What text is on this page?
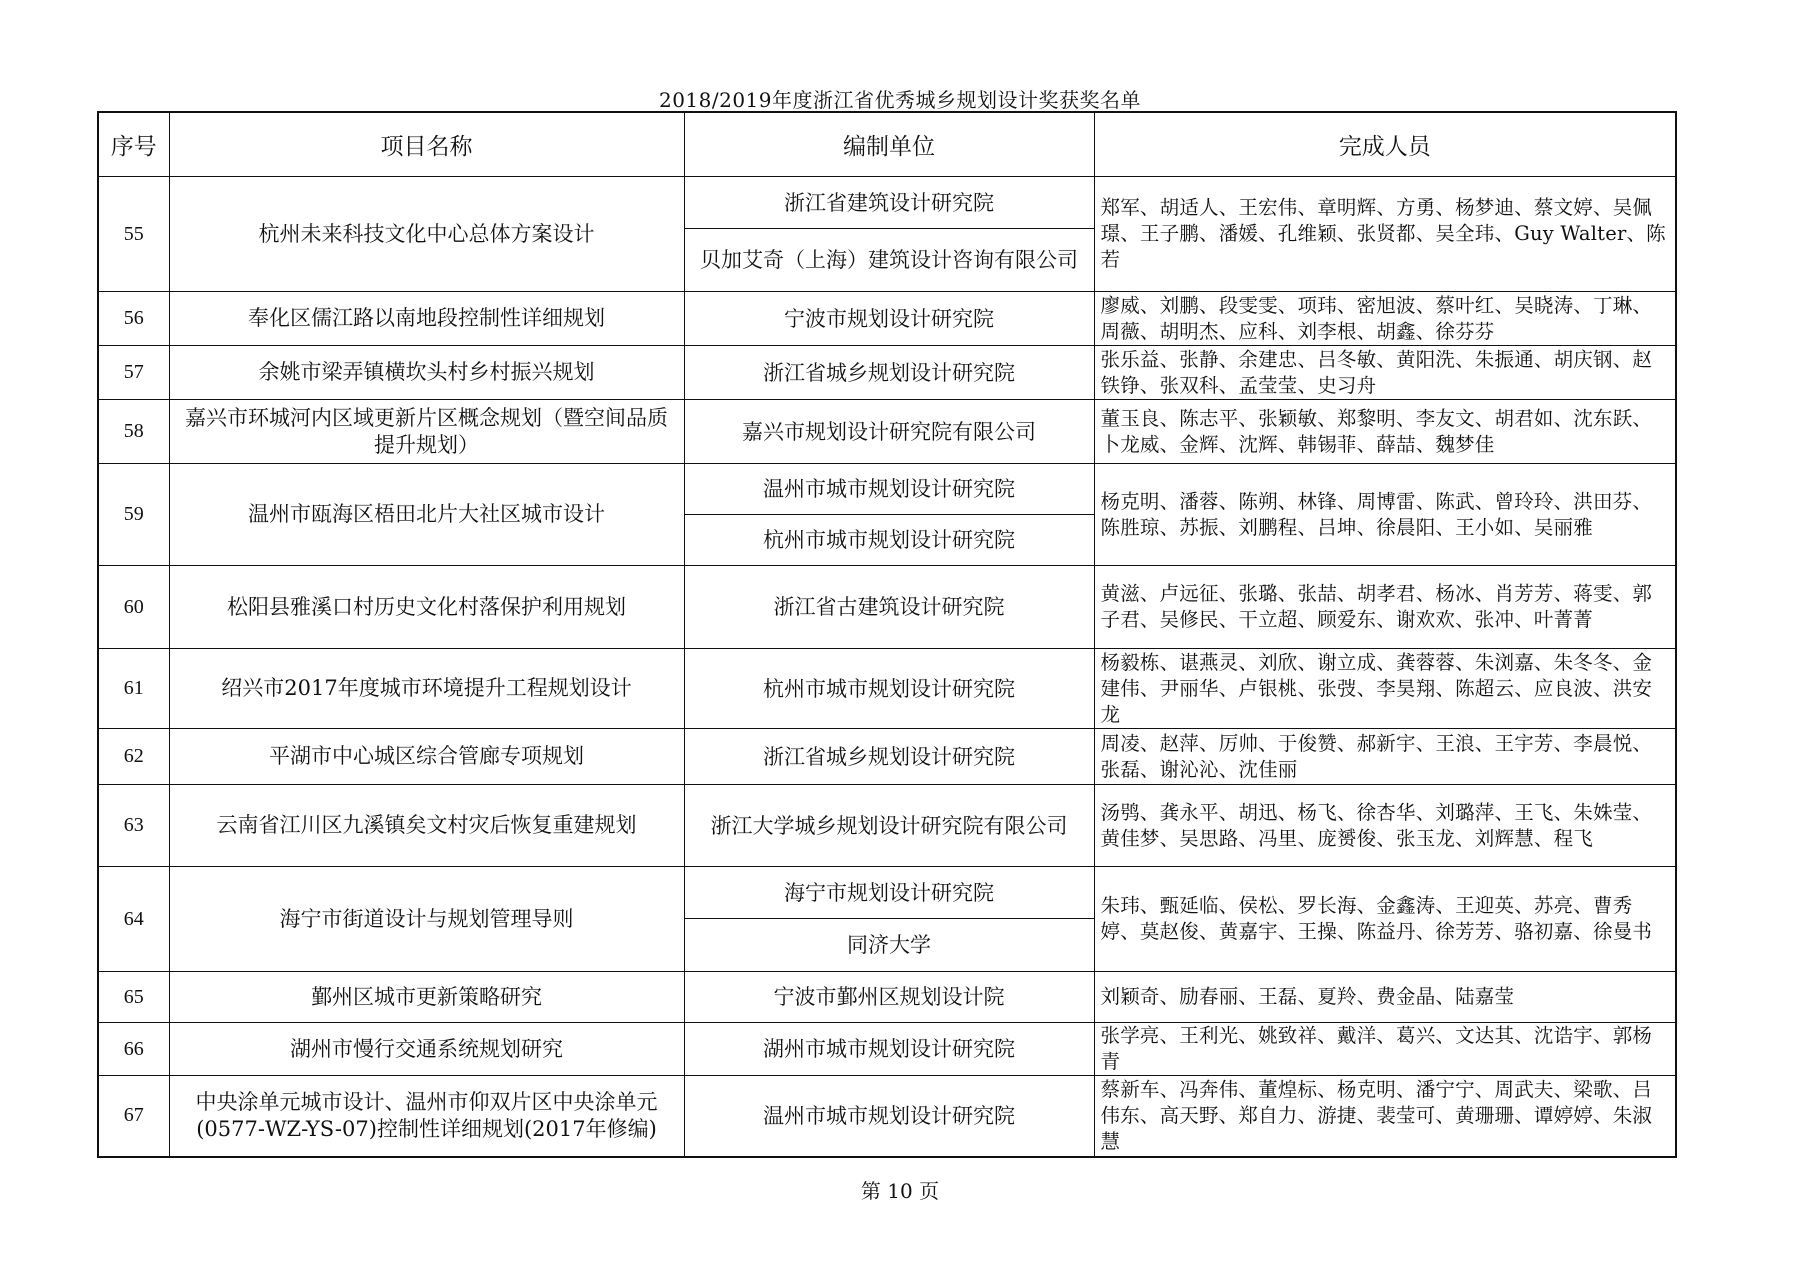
2018/2019年度浙江省优秀城乡规划设计奖获奖名单
序号	项目名称	编制单位	完成人员
55	杭州未来科技文化中心总体方案设计	浙江省建筑设计研究院	郑军、胡适人、王宏伟、章明辉、方勇、杨梦迪、蔡文婷、吴佩璟、王子鹏、潘媛、孔维颖、张贤都、吴全玮、Guy Walter、陈若
		贝加艾奇（上海）建筑设计咨询有限公司	
56	奉化区儒江路以南地段控制性详细规划	宁波市规划设计研究院	廖威、刘鹏、段雯雯、项玮、密旭波、蔡叶红、吴晓涛、丁琳、周薇、胡明杰、应科、刘李根、胡鑫、徐芬芬
57	余姚市梁弄镇横坎头村乡村振兴规划	浙江省城乡规划设计研究院	张乐益、张静、余建忠、吕冬敏、黄阳洗、朱振通、胡庆钢、赵铁铮、张双科、孟莹莹、史习舟
58	嘉兴市环城河内区域更新片区概念规划（暨空间品质提升规划）	嘉兴市规划设计研究院有限公司	董玉良、陈志平、张颖敏、郑黎明、李友文、胡君如、沈东跃、卜龙威、金辉、沈辉、韩锡菲、薛喆、魏梦佳
59	温州市瓯海区梧田北片大社区城市设计	温州市城市规划设计研究院	杨克明、潘蓉、陈朔、林锋、周博雷、陈武、曾玲玲、洪田芬、陈胜琼、苏振、刘鹏程、吕坤、徐晨阳、王小如、吴丽雅
		杭州市城市规划设计研究院	
60	松阳县雅溪口村历史文化村落保护利用规划	浙江省古建筑设计研究院	黄滋、卢远征、张璐、张喆、胡孝君、杨冰、肖芳芳、蒋雯、郭子君、吴修民、干立超、顾爱东、谢欢欢、张冲、叶菁菁
61	绍兴市2017年度城市环境提升工程规划设计	杭州市城市规划设计研究院	杨毅栋、谌燕灵、刘欣、谢立成、龚蓉蓉、朱浏嘉、朱冬冬、金建伟、尹丽华、卢银桃、张弢、李昊翔、陈超云、应良波、洪安龙
62	平湖市中心城区综合管廊专项规划	浙江省城乡规划设计研究院	周凌、赵萍、厉帅、于俊赞、郝新宇、王浪、王宇芳、李晨悦、张磊、谢沁沁、沈佳丽
63	云南省江川区九溪镇矣文村灾后恢复重建规划	浙江大学城乡规划设计研究院有限公司	汤鸮、龚永平、胡迅、杨飞、徐杏华、刘璐萍、王飞、朱姝莹、黄佳梦、吴思路、冯里、庞赟俊、张玉龙、刘辉慧、程飞
64	海宁市街道设计与规划管理导则	海宁市规划设计研究院	朱玮、甄延临、侯松、罗长海、金鑫涛、王迎英、苏亮、曹秀婷、莫赵俊、黄嘉宇、王操、陈益丹、徐芳芳、骆初嘉、徐曼书
		同济大学	
65	鄞州区城市更新策略研究	宁波市鄞州区规划设计院	刘颖奇、励春丽、王磊、夏羚、费金晶、陆嘉莹
66	湖州市慢行交通系统规划研究	湖州市城市规划设计研究院	张学亮、王利光、姚致祥、戴洋、葛兴、文达其、沈诰宇、郭杨青
67	中央涂单元城市设计、温州市仰双片区中央涂单元(0577-WZ-YS-07)控制性详细规划(2017年修编)	温州市城市规划设计研究院	蔡新车、冯奔伟、董煌标、杨克明、潘宁宁、周武夫、梁歌、吕伟东、高天野、郑自力、游捷、裴莹可、黄珊珊、谭婷婷、朱淑慧
第 10 页
